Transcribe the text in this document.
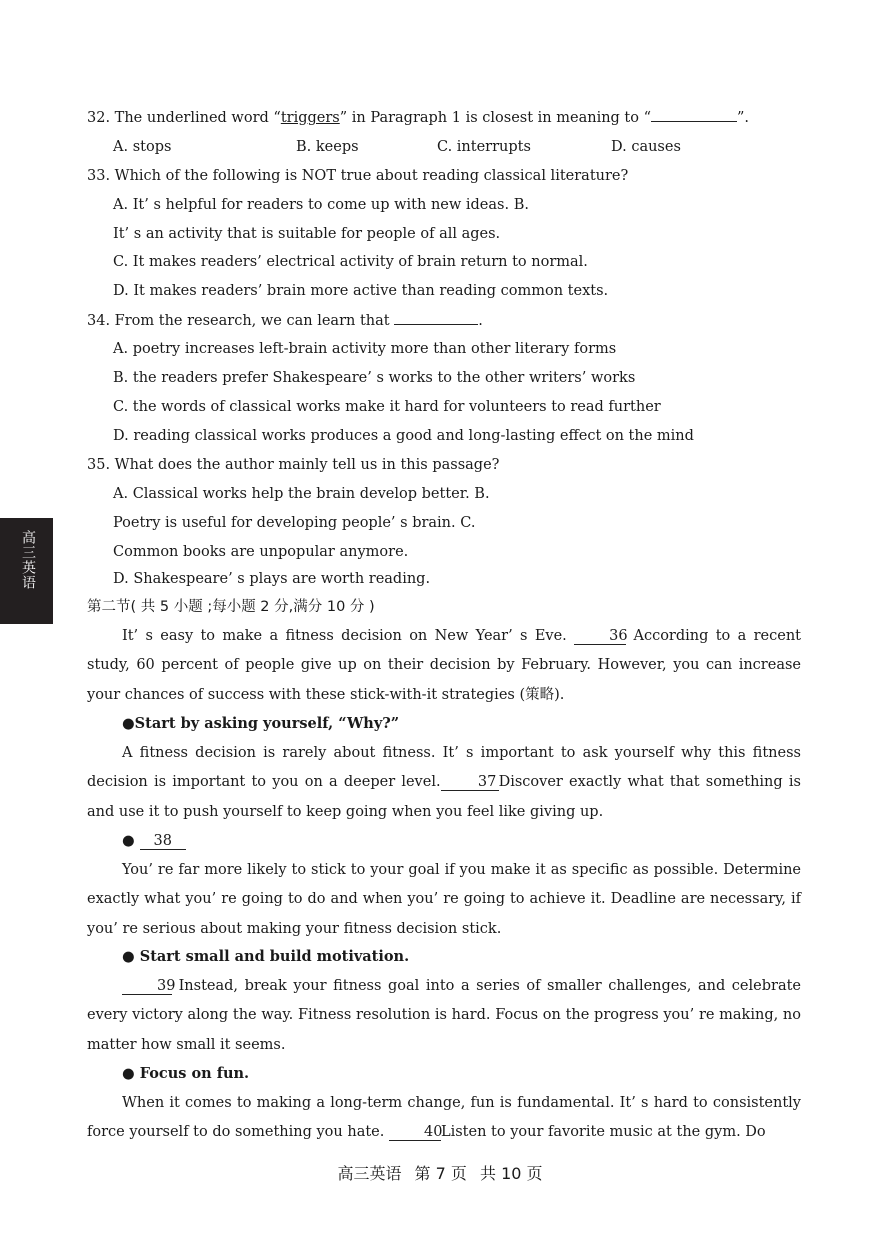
高三英语
32. The underlined word “triggers” in Paragraph 1 is closest in meaning to “	”.
A. stops	B. keeps	C. interrupts	D. causes
33. Which of the following is NOT true about reading classical literature?
A. It’ s helpful for readers to come up with new ideas. B.
It’ s an activity that is suitable for people of all ages.
C. It makes readers’ electrical activity of brain return to normal.
D. It makes readers’ brain more active than reading common texts.
34. From the research, we can learn that	.
A. poetry increases left-brain activity more than other literary forms
B. the readers prefer Shakespeare’ s works to the other writers’ works
C. the words of classical works make it hard for volunteers to read further
D. reading classical works produces a good and long-lasting effect on the mind
35. What does the author mainly tell us in this passage?
A. Classical works help the brain develop better. B.
Poetry is useful for developing people’ s brain. C.
Common books are unpopular anymore.
D. Shakespeare’ s plays are worth reading.
第二节( 共 5 小题 ;每小题 2 分,满分 10 分 )
It’ s easy to make a fitness decision on New Year’ s Eve. 36 According to a recent study, 60 percent of people give up on their decision by February. However, you can increase your chances of success with these stick-with-it strategies (策略).
●Start by asking yourself, “Why?”
A fitness decision is rarely about fitness. It’ s important to ask yourself why this fitness decision is important to you on a deeper level.	37 Discover exactly what that something is and use it to push yourself to keep going when you feel like giving up.
● 38
You’ re far more likely to stick to your goal if you make it as specific as possible. Determine exactly what you’ re going to do and when you’ re going to achieve it. Deadline are necessary, if you’ re serious about making your fitness decision stick.
● Start small and build motivation.
39 Instead, break your fitness goal into a series of smaller challenges, and celebrate every victory along the way. Fitness resolution is hard. Focus on the progress you’ re making, no matter how small it seems.
● Focus on fun.
When it comes to making a long-term change, fun is fundamental. It’ s hard to consistently force yourself to do something you hate. 40Listen to your favorite music at the gym. Do
高三英语 第 7 页 共 10 页
